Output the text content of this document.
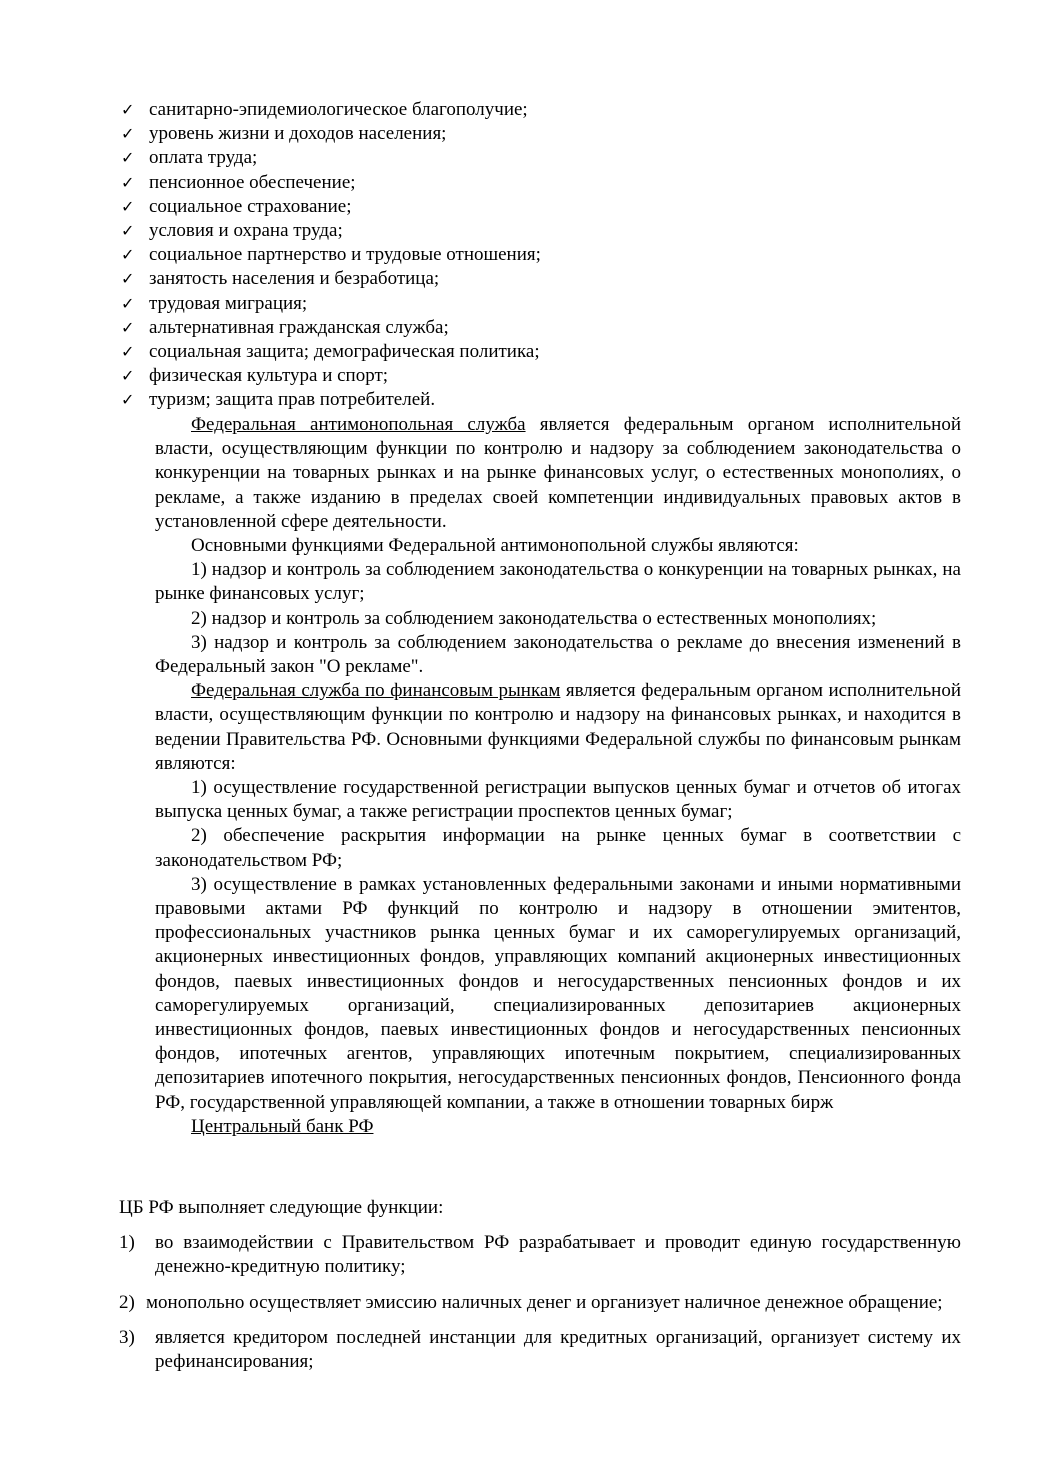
✓ санитарно-эпидемиологическое благополучие;
✓ уровень жизни и доходов населения;
✓ оплата труда;
✓ пенсионное обеспечение;
✓ социальное страхование;
✓ условия и охрана труда;
✓ социальное партнерство и трудовые отношения;
✓ занятость населения и безработица;
✓ трудовая миграция;
✓ альтернативная гражданская служба;
✓ социальная защита; демографическая политика;
✓ физическая культура и спорт;
✓ туризм; защита прав потребителей.

Федеральная антимонопольная служба является федеральным органом исполнительной власти, осуществляющим функции по контролю и надзору за соблюдением законодательства о конкуренции на товарных рынках и на рынке финансовых услуг, о естественных монополиях, о рекламе, а также изданию в пределах своей компетенции индивидуальных правовых актов в установленной сфере деятельности.

Основными функциями Федеральной антимонопольной службы являются:

1) надзор и контроль за соблюдением законодательства о конкуренции на товарных рынках, на рынке финансовых услуг;

2) надзор и контроль за соблюдением законодательства о естественных монополиях;

3) надзор и контроль за соблюдением законодательства о рекламе до внесения изменений в Федеральный закон "О рекламе".

Федеральная служба по финансовым рынкам является федеральным органом исполнительной власти, осуществляющим функции по контролю и надзору на финансовых рынках, и находится в ведении Правительства РФ. Основными функциями Федеральной службы по финансовым рынкам являются:

1) осуществление государственной регистрации выпусков ценных бумаг и отчетов об итогах выпуска ценных бумаг, а также регистрации проспектов ценных бумаг;

2) обеспечение раскрытия информации на рынке ценных бумаг в соответствии с законодательством РФ;

3) осуществление в рамках установленных федеральными законами и иными нормативными правовыми актами РФ функций по контролю и надзору в отношении эмитентов, профессиональных участников рынка ценных бумаг и их саморегулируемых организаций, акционерных инвестиционных фондов, управляющих компаний акционерных инвестиционных фондов, паевых инвестиционных фондов и негосударственных пенсионных фондов и их саморегулируемых организаций, специализированных депозитариев акционерных инвестиционных фондов, паевых инвестиционных фондов и негосударственных пенсионных фондов, ипотечных агентов, управляющих ипотечным покрытием, специализированных депозитариев ипотечного покрытия, негосударственных пенсионных фондов, Пенсионного фонда РФ, государственной управляющей компании, а также в отношении товарных бирж

Центральный банк РФ

ЦБ РФ выполняет следующие функции:

1) во взаимодействии с Правительством РФ разрабатывает и проводит единую государственную денежно-кредитную политику;

2) монопольно осуществляет эмиссию наличных денег и организует наличное денежное обращение;

3) является кредитором последней инстанции для кредитных организаций, организует систему их рефинансирования;
